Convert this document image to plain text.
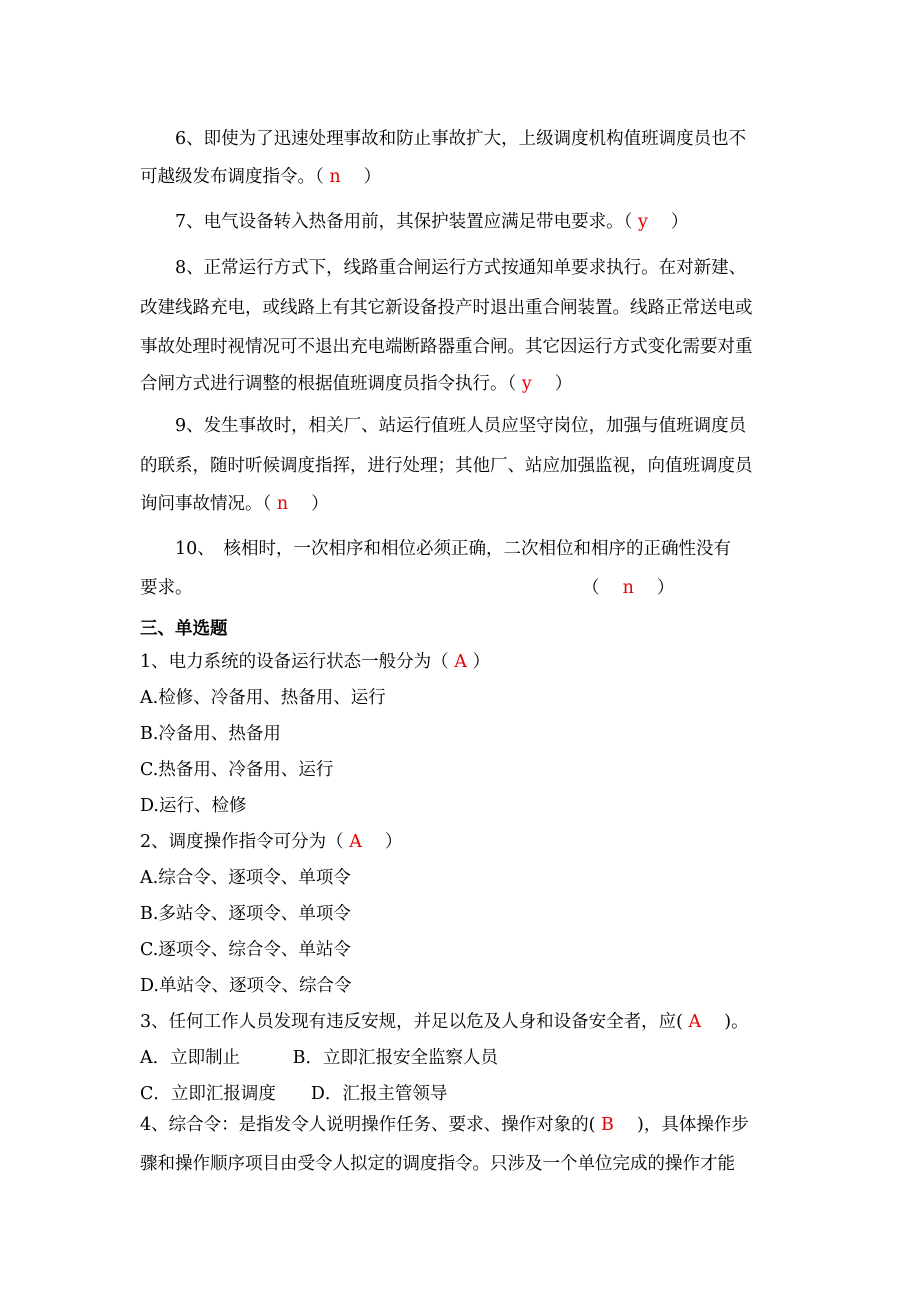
　　6、即使为了迅速处理事故和防止事故扩大，上级调度机构值班调度员也不
可越级发布调度指令。（ n 　）
　　7、电气设备转入热备用前，其保护装置应满足带电要求。（ y 　）
　　8、正常运行方式下，线路重合闸运行方式按通知单要求执行。在对新建、
改建线路充电，或线路上有其它新设备投产时退出重合闸装置。线路正常送电或
事故处理时视情况可不退出充电端断路器重合闸。其它因运行方式变化需要对重
合闸方式进行调整的根据值班调度员指令执行。（ y 　）
　　9、发生事故时，相关厂、站运行值班人员应坚守岗位，加强与值班调度员
的联系，随时听候调度指挥，进行处理；其他厂、站应加强监视，向值班调度员
询问事故情况。（ n 　）
　　10、　核相时，一次相序和相位必须正确，二次相位和相序的正确性没有
要求。	（　 n 　）
三、单选题
1、电力系统的设备运行状态一般分为（ A ）
A.检修、冷备用、热备用、运行
B.冷备用、热备用
C.热备用、冷备用、运行
D.运行、检修
2、调度操作指令可分为（ A 　）
A.综合令、逐项令、单项令
B.多站令、逐项令、单项令
C.逐项令、综合令、单站令
D.单站令、逐项令、综合令
3、任何工作人员发现有违反安规，并足以危及人身和设备安全者，应( A 　)。
A．立即制止　　　B．立即汇报安全监察人员
C．立即汇报调度　　D．汇报主管领导
4、综合令：是指发令人说明操作任务、要求、操作对象的( B 　)，具体操作步
骤和操作顺序项目由受令人拟定的调度指令。只涉及一个单位完成的操作才能
